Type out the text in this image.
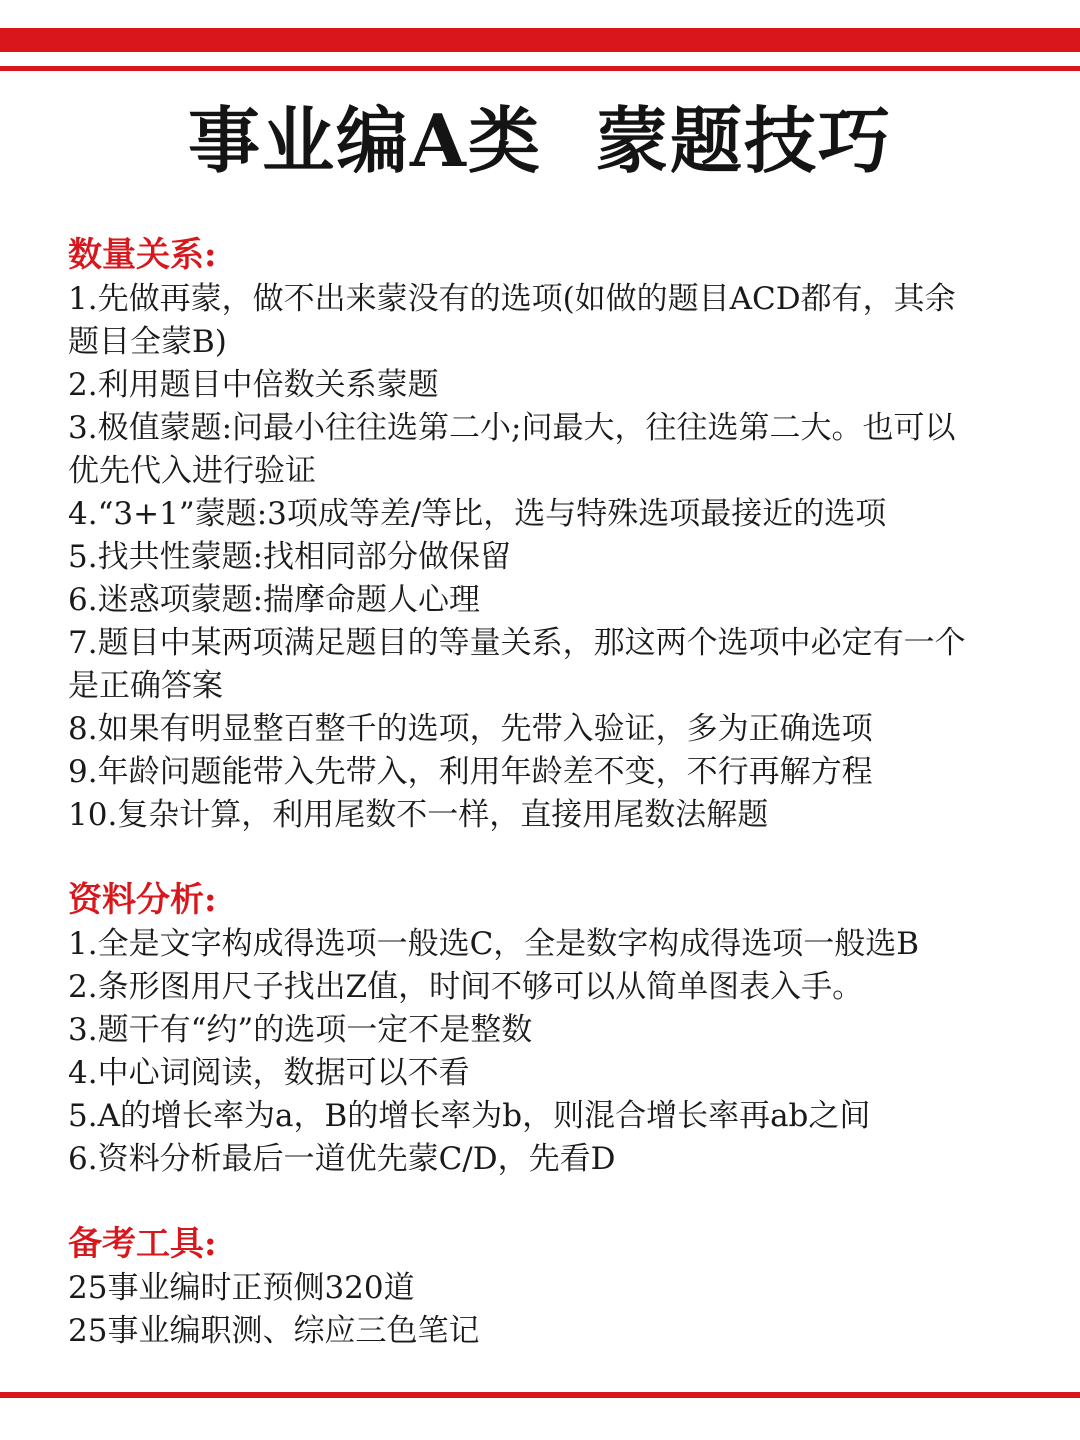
事业编A类  蒙题技巧
数量关系:
1.先做再蒙，做不出来蒙没有的选项(如做的题目ACD都有，其余
题目全蒙B)
2.利用题目中倍数关系蒙题
3.极值蒙题:问最小往往选第二小;问最大，往往选第二大。也可以
优先代入进行验证
4.“3+1”蒙题:3项成等差/等比，选与特殊选项最接近的选项
5.找共性蒙题:找相同部分做保留
6.迷惑项蒙题:揣摩命题人心理
7.题目中某两项满足题目的等量关系，那这两个选项中必定有一个
是正确答案
8.如果有明显整百整千的选项，先带入验证，多为正确选项
9.年龄问题能带入先带入，利用年龄差不变，不行再解方程
10.复杂计算，利用尾数不一样，直接用尾数法解题
资料分析:
1.全是文字构成得选项一般选C，全是数字构成得选项一般选B
2.条形图用尺子找出Z值，时间不够可以从简单图表入手。
3.题干有“约”的选项一定不是整数
4.中心词阅读，数据可以不看
5.A的增长率为a，B的增长率为b，则混合增长率再ab之间
6.资料分析最后一道优先蒙C/D，先看D
备考工具:
25事业编时正预侧320道
25事业编职测、综应三色笔记
